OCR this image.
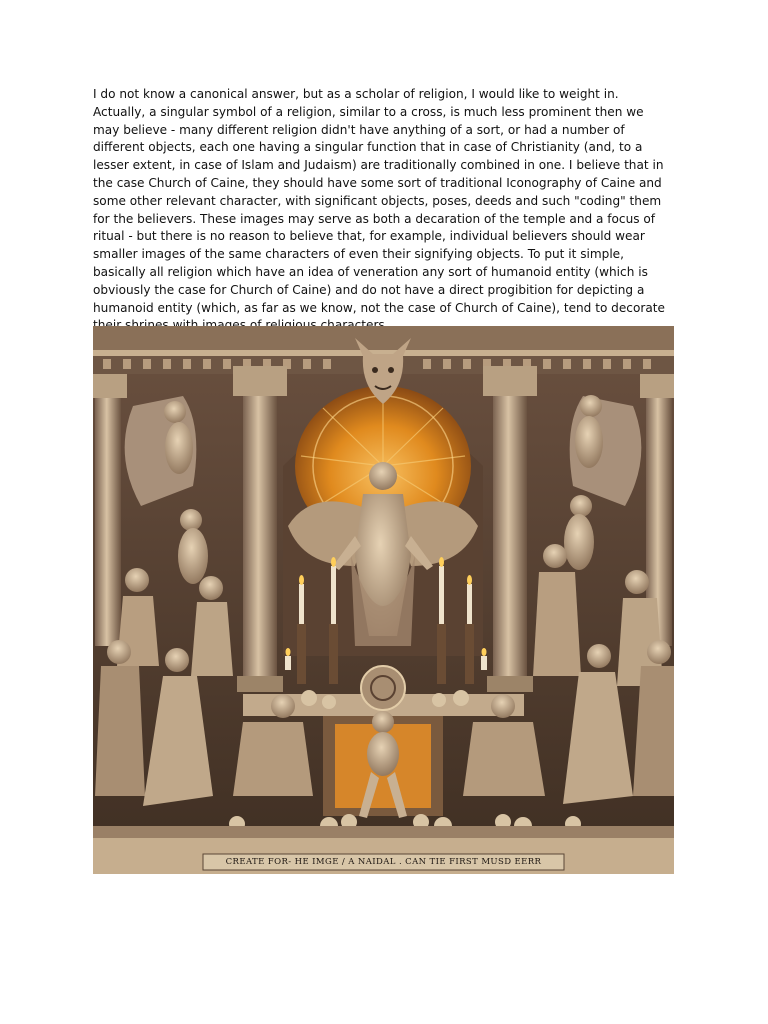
I do not know a canonical answer, but as a scholar of religion, I would like to weight in. Actually, a singular symbol of a religion, similar to a cross, is much less prominent then we may believe - many different religion didn't have anything of a sort, or had a number of different objects, each one having a singular function that in case of Christianity (and, to a lesser extent, in case of Islam and Judaism) are traditionally combined in one. I believe that in the case Church of Caine, they should have some sort of traditional Iconography of Caine and some other relevant character, with significant objects, poses, deeds and such "coding" them for the believers. These images may serve as both a decaration of the temple and a focus of ritual - but there is no reason to believe that, for example, individual believers should wear smaller images of the same characters of even their signifying objects. To put it simple, basically all religion which have an idea of veneration any sort of humanoid entity (which is obviously the case for Church of Caine) and do not have a direct progibition for depicting a humanoid entity (which, as far as we know, not the case of Church of Caine), tend to decorate

CREATE FOR- HE IMGE / A NAIDAL . CAN TIE FIRST MUSD EERR
